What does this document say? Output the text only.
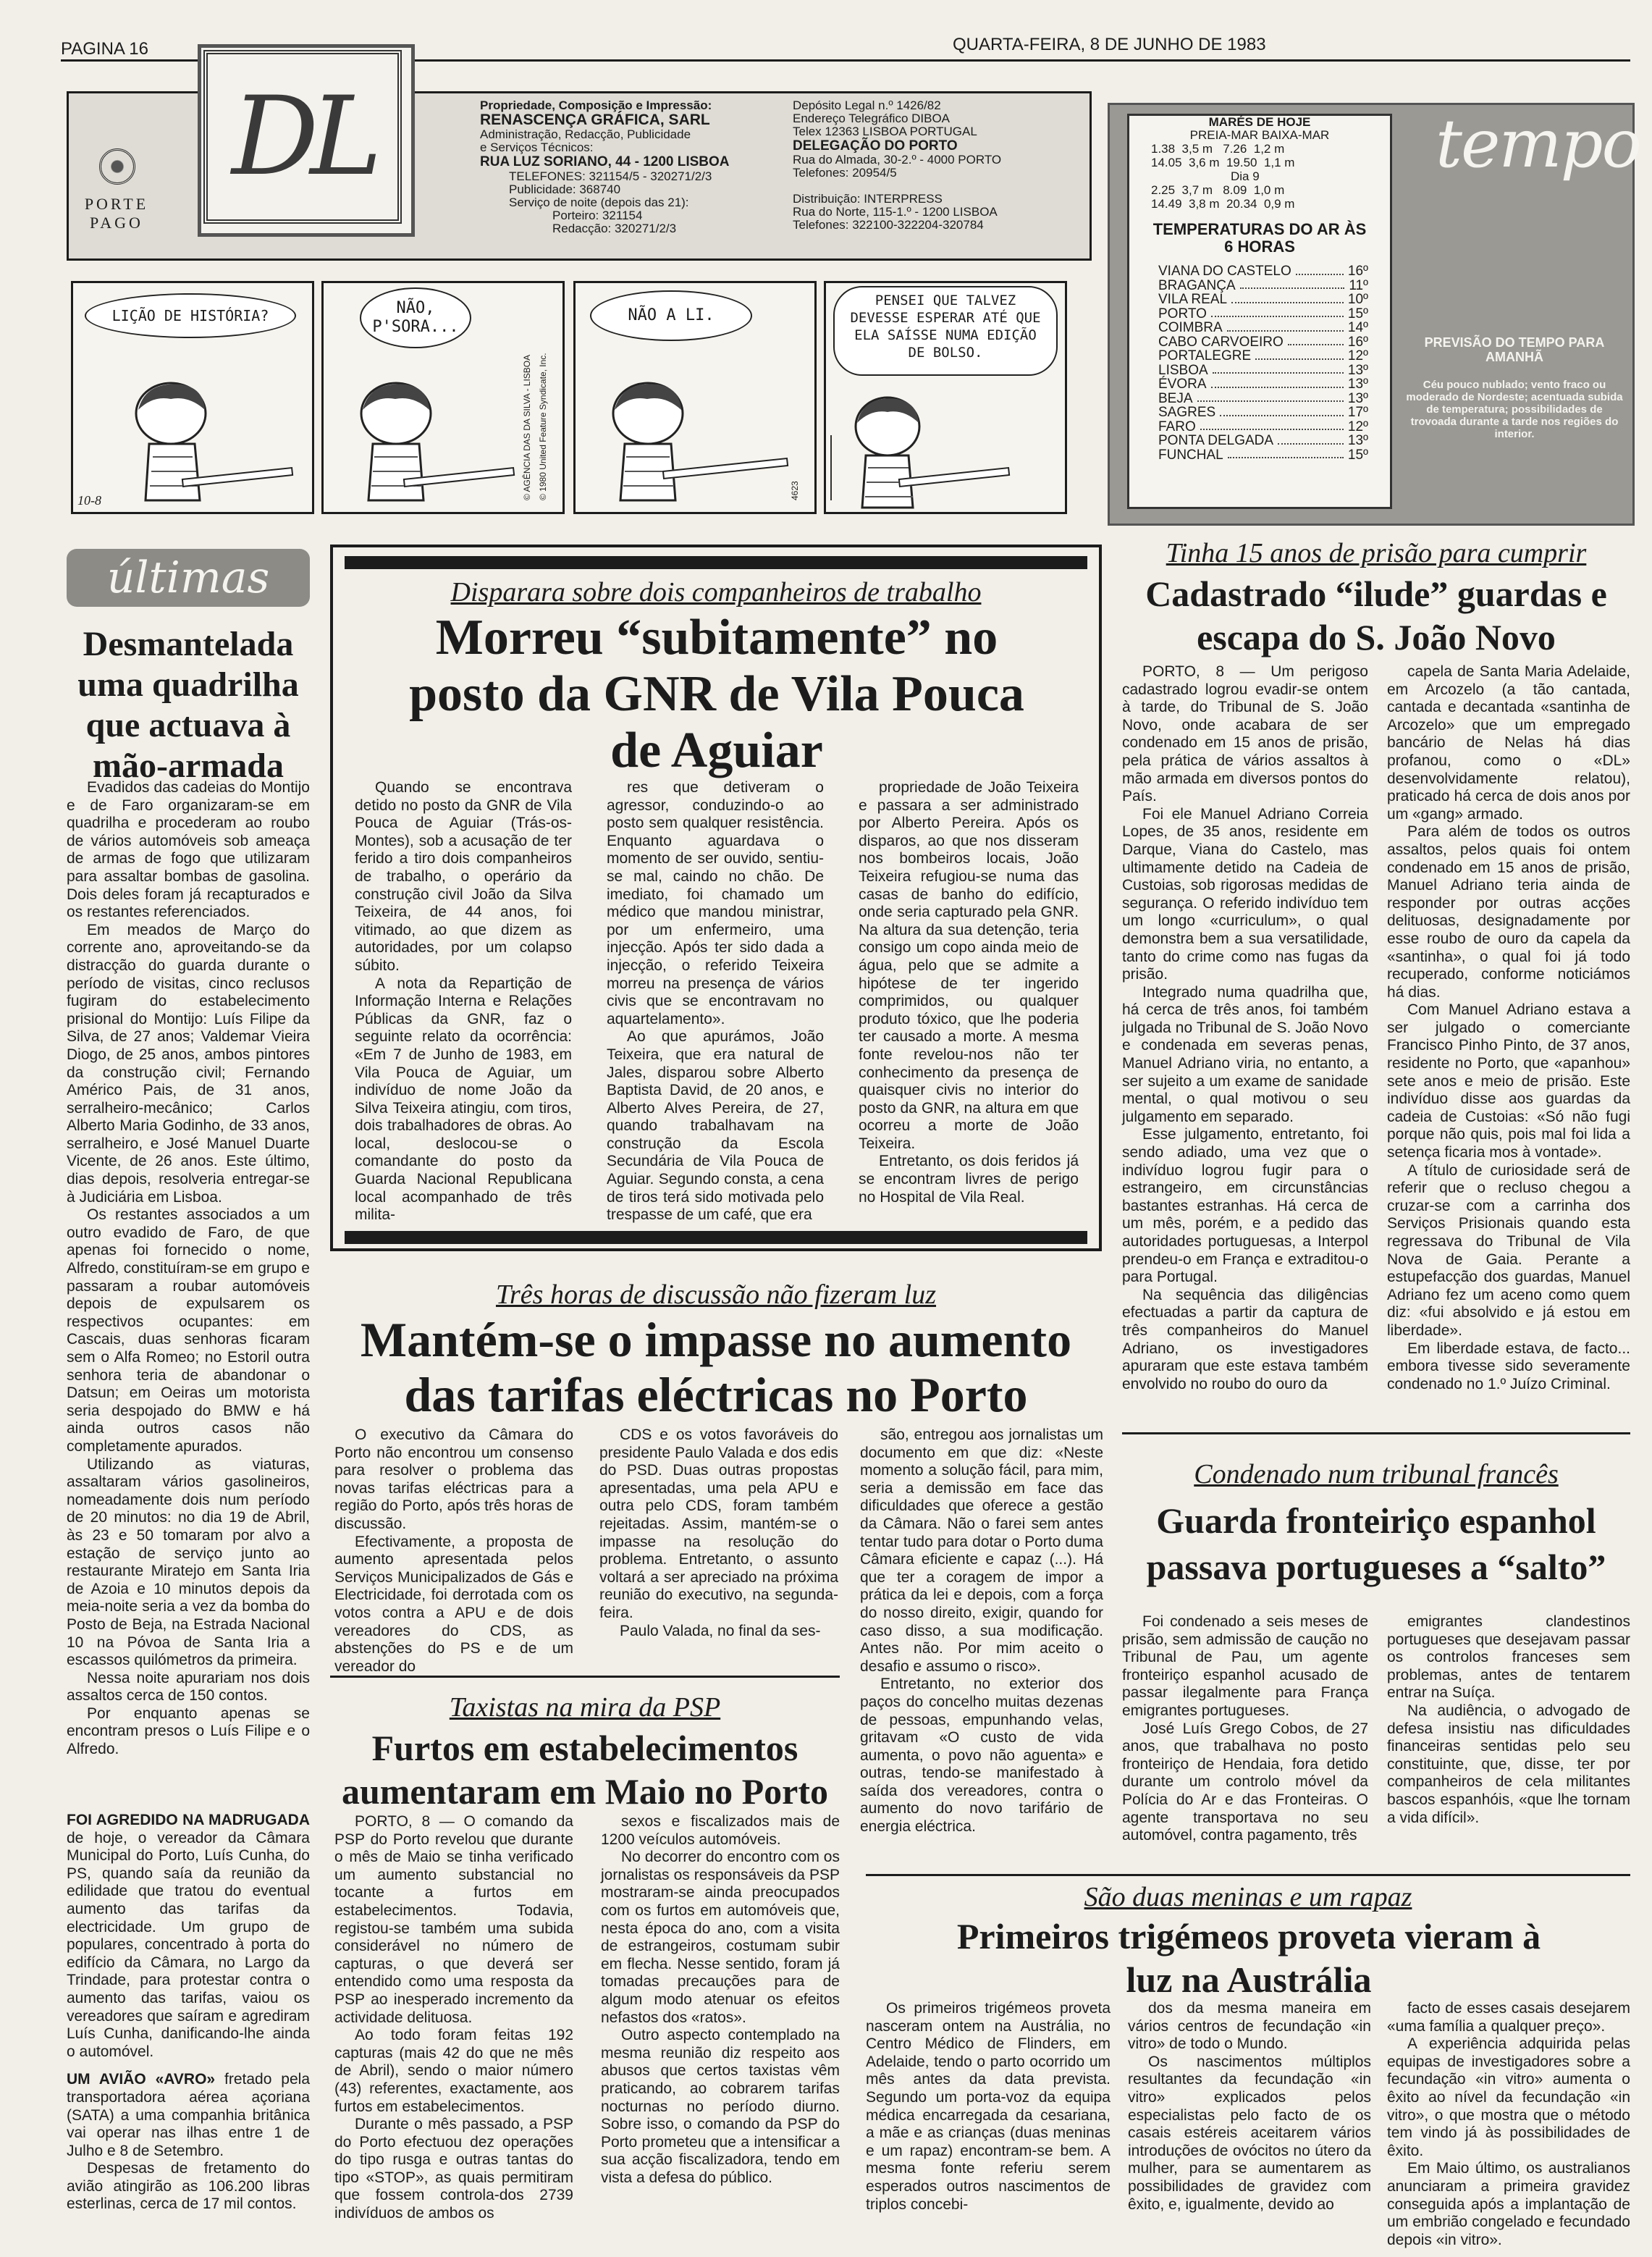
PAGINA 16	QUARTA-FEIRA, 8 DE JUNHO DE 1983
PORTE PAGO
DL	Propriedade, Composição e Impressão:
RENASCENÇA GRÁFICA, SARL
Administração, Redacção, Publicidade
e Serviços Técnicos:
RUA LUZ SORIANO, 44 - 1200 LISBOA
TELEFONES: 321154/5 - 320271/2/3
Publicidade: 368740
Serviço de noite (depois das 21):
Porteiro: 321154
Redacção: 320271/2/3
Depósito Legal n.º 1426/82
Endereço Telegráfico DIBOA
Telex 12363 LISBOA PORTUGAL
DELEGAÇÃO DO PORTO
Rua do Almada, 30-2.º - 4000 PORTO
Telefones: 20954/5
Distribuição: INTERPRESS
Rua do Norte, 115-1.º - 1200 LISBOA
Telefones: 322100-322204-320784
LIÇÃO DE HISTÓRIA?
10-8
NÃO, P'SORA...
© AGÊNCIA DAS DA SILVA - LISBOA © 1980 United Feature Syndicate, Inc.
NÃO A LI.
4623
PENSEI QUE TALVEZ DEVESSE ESPERAR ATÉ QUE ELA SAÍSSE NUMA EDIÇÃO DE BOLSO.
MARÉS DE HOJE
PREIA-MAR BAIXA-MAR
1.38  3,5 m   7.26  1,2 m
14.05  3,6 m  19.50  1,1 m
Dia 9
2.25  3,7 m   8.09  1,0 m
14.49  3,8 m  20.34  0,9 m
TEMPERATURAS DO AR ÀS 6 HORAS
VIANA DO CASTELO	16º
BRAGANÇA	11º
VILA REAL	10º
PORTO	15º
COIMBRA	14º
CABO CARVOEIRO	16º
PORTALEGRE	12º
LISBOA	13º
ÉVORA	13º
BEJA	13º
SAGRES	17º
FARO	12º
PONTA DELGADA	13º
FUNCHAL	15º
tempo
PREVISÃO DO TEMPO PARA AMANHÃ
Céu pouco nublado; vento fraco ou moderado de Nordeste; acentuada subida de temperatura; possibilidades de trovoada durante a tarde nos regiões do interior.
últimas
Desmantelada uma quadrilha que actuava à mão-armada

Evadidos das cadeias do Montijo e de Faro organizaram-se em quadrilha e procederam ao roubo de vários automóveis sob ameaça de armas de fogo que utilizaram para assaltar bombas de gasolina. Dois deles foram já recapturados e os restantes referenciados.

Em meados de Março do corrente ano, aproveitando-se da distracção do guarda durante o período de visitas, cinco reclusos fugiram do estabelecimento prisional do Montijo: Luís Filipe da Silva, de 27 anos; Valdemar Vieira Diogo, de 25 anos, ambos pintores da construção civil; Fernando Américo Pais, de 31 anos, serralheiro-mecânico; Carlos Alberto Maria Godinho, de 33 anos, serralheiro, e José Manuel Duarte Vicente, de 26 anos. Este último, dias depois, resolveria entregar-se à Judiciária em Lisboa.

Os restantes associados a um outro evadido de Faro, de que apenas foi fornecido o nome, Alfredo, constituíram-se em grupo e passaram a roubar automóveis depois de expulsarem os respectivos ocupantes: em Cascais, duas senhoras ficaram sem o Alfa Romeo; no Estoril outra senhora teria de abandonar o Datsun; em Oeiras um motorista seria despojado do BMW e há ainda outros casos não completamente apurados.

Utilizando as viaturas, assaltaram vários gasolineiros, nomeadamente dois num período de 20 minutos: no dia 19 de Abril, às 23 e 50 tomaram por alvo a estação de serviço junto ao restaurante Miratejo em Santa Iria de Azoia e 10 minutos depois da meia-noite seria a vez da bomba do Posto de Beja, na Estrada Nacional 10 na Póvoa de Santa Iria a escassos quilómetros da primeira.

Nessa noite apurariam nos dois assaltos cerca de 150 contos.

Por enquanto apenas se encontram presos o Luís Filipe e o Alfredo.

FOI AGREDIDO NA MADRUGADA de hoje, o vereador da Câmara Municipal do Porto, Luís Cunha, do PS, quando saía da reunião da edilidade que tratou do eventual aumento das tarifas da electricidade. Um grupo de populares, concentrado à porta do edifício da Câmara, no Largo da Trindade, para protestar contra o aumento das tarifas, vaiou os vereadores que saíram e agrediram Luís Cunha, danificando-lhe ainda o automóvel.

UM AVIÃO «AVRO» fretado pela transportadora aérea açoriana (SATA) a uma companhia britânica vai operar nas ilhas entre 1 de Julho e 8 de Setembro.

Despesas de fretamento do avião atingirão as 106.200 libras esterlinas, cerca de 17 mil contos.

Disparara sobre dois companheiros de trabalho
Morreu “subitamente” no posto da GNR de Vila Pouca de Aguiar

Quando se encontrava detido no posto da GNR de Vila Pouca de Aguiar (Trás-os-Montes), sob a acusação de ter ferido a tiro dois companheiros de trabalho, o operário da construção civil João da Silva Teixeira, de 44 anos, foi vitimado, ao que dizem as autoridades, por um colapso súbito.

A nota da Repartição de Informação Interna e Relações Públicas da GNR, faz o seguinte relato da ocorrência: «Em 7 de Junho de 1983, em Vila Pouca de Aguiar, um indivíduo de nome João da Silva Teixeira atingiu, com tiros, dois trabalhadores de obras. Ao local, deslocou-se o comandante do posto da Guarda Nacional Republicana local acompanhado de três milita-

res que detiveram o agressor, conduzindo-o ao posto sem qualquer resistência. Enquanto aguardava o momento de ser ouvido, sentiu-se mal, caindo no chão. De imediato, foi chamado um médico que mandou ministrar, por um enfermeiro, uma injecção. Após ter sido dada a injecção, o referido Teixeira morreu na presença de vários civis que se encontravam no aquartelamento».

Ao que apurámos, João Teixeira, que era natural de Jales, disparou sobre Alberto Baptista David, de 20 anos, e Alberto Alves Pereira, de 27, quando trabalhavam na construção da Escola Secundária de Vila Pouca de Aguiar. Segundo consta, a cena de tiros terá sido motivada pelo trespasse de um café, que era

propriedade de João Teixeira e passara a ser administrado por Alberto Pereira. Após os disparos, ao que nos disseram nos bombeiros locais, João Teixeira refugiou-se numa das casas de banho do edifício, onde seria capturado pela GNR. Na altura da sua detenção, teria consigo um copo ainda meio de água, pelo que se admite a hipótese de ter ingerido comprimidos, ou qualquer produto tóxico, que lhe poderia ter causado a morte. A mesma fonte revelou-nos não ter conhecimento da presença de quaisquer civis no interior do posto da GNR, na altura em que ocorreu a morte de João Teixeira.

Entretanto, os dois feridos já se encontram livres de perigo no Hospital de Vila Real.

Tinha 15 anos de prisão para cumprir
Cadastrado “ilude” guardas e escapa do S. João Novo

PORTO, 8 — Um perigoso cadastrado logrou evadir-se ontem à tarde, do Tribunal de S. João Novo, onde acabara de ser condenado em 15 anos de prisão, pela prática de vários assaltos à mão armada em diversos pontos do País.

Foi ele Manuel Adriano Correia Lopes, de 35 anos, residente em Darque, Viana do Castelo, mas ultimamente detido na Cadeia de Custoias, sob rigorosas medidas de segurança. O referido indivíduo tem um longo «curriculum», o qual demonstra bem a sua versatilidade, tanto do crime como nas fugas da prisão.

Integrado numa quadrilha que, há cerca de três anos, foi também julgada no Tribunal de S. João Novo e condenada em severas penas, Manuel Adriano viria, no entanto, a ser sujeito a um exame de sanidade mental, o qual motivou o seu julgamento em separado.

Esse julgamento, entretanto, foi sendo adiado, uma vez que o indivíduo logrou fugir para o estrangeiro, em circunstâncias bastantes estranhas. Há cerca de um mês, porém, e a pedido das autoridades portuguesas, a Interpol prendeu-o em França e extraditou-o para Portugal.

Na sequência das diligências efectuadas a partir da captura de três companheiros do Manuel Adriano, os investigadores apuraram que este estava também envolvido no roubo do ouro da

capela de Santa Maria Adelaide, em Arcozelo (a tão cantada, cantada e decantada «santinha de Arcozelo» que um empregado bancário de Nelas há dias profanou, como o «DL» desenvolvidamente relatou), praticado há cerca de dois anos por um «gang» armado.

Para além de todos os outros assaltos, pelos quais foi ontem condenado em 15 anos de prisão, Manuel Adriano teria ainda de responder por outras acções delituosas, designadamente por esse roubo de ouro da capela da «santinha», o qual foi já todo recuperado, conforme noticiámos há dias.

Com Manuel Adriano estava a ser julgado o comerciante Francisco Pinho Pinto, de 37 anos, residente no Porto, que «apanhou» sete anos e meio de prisão. Este indivíduo disse aos guardas da cadeia de Custoias: «Só não fugi porque não quis, pois mal foi lida a setença ficaria mos à vontade».

A título de curiosidade será de referir que o recluso chegou a cruzar-se com a carrinha dos Serviços Prisionais quando esta regressava do Tribunal de Vila Nova de Gaia. Perante a estupefacção dos guardas, Manuel Adriano fez um aceno como quem diz: «fui absolvido e já estou em liberdade».

Em liberdade estava, de facto... embora tivesse sido severamente condenado no 1.º Juízo Criminal.

Três horas de discussão não fizeram luz
Mantém-se o impasse no aumento das tarifas eléctricas no Porto

O executivo da Câmara do Porto não encontrou um consenso para resolver o problema das novas tarifas eléctricas para a região do Porto, após três horas de discussão.

Efectivamente, a proposta de aumento apresentada pelos Serviços Municipalizados de Gás e Electricidade, foi derrotada com os votos contra a APU e de dois vereadores do CDS, as abstenções do PS e de um vereador do

CDS e os votos favoráveis do presidente Paulo Valada e dos edis do PSD. Duas outras propostas apresentadas, uma pela APU e outra pelo CDS, foram também rejeitadas. Assim, mantém-se o impasse na resolução do problema. Entretanto, o assunto voltará a ser apreciado na próxima reunião do executivo, na segunda-feira.

Paulo Valada, no final da ses-

são, entregou aos jornalistas um documento em que diz: «Neste momento a solução fácil, para mim, seria a demissão em face das dificuldades que oferece a gestão da Câmara. Não o farei sem antes tentar tudo para dotar o Porto duma Câmara eficiente e capaz (...). Há que ter a coragem de impor a prática da lei e depois, com a força do nosso direito, exigir, quando for caso disso, a sua modificação. Antes não. Por mim aceito o desafio e assumo o risco».

Entretanto, no exterior dos paços do concelho muitas dezenas de pessoas, empunhando velas, gritavam «O custo de vida aumenta, o povo não aguenta» e outras, tendo-se manifestado à saída dos vereadores, contra o aumento do novo tarifário de energia eléctrica.

Taxistas na mira da PSP
Furtos em estabelecimentos aumentaram em Maio no Porto

PORTO, 8 — O comando da PSP do Porto revelou que durante o mês de Maio se tinha verificado um aumento substancial no tocante a furtos em estabelecimentos. Todavia, registou-se também uma subida considerável no número de capturas, o que deverá ser entendido como uma resposta da PSP ao inesperado incremento da actividade delituosa.

Ao todo foram feitas 192 capturas (mais 42 do que ne mês de Abril), sendo o maior número (43) referentes, exactamente, aos furtos em estabelecimentos.

Durante o mês passado, a PSP do Porto efectuou dez operações do tipo rusga e outras tantas do tipo «STOP», as quais permitiram que fossem controla-dos 2739 indivíduos de ambos os

sexos e fiscalizados mais de 1200 veículos automóveis.

No decorrer do encontro com os jornalistas os responsáveis da PSP mostraram-se ainda preocupados com os furtos em automóveis que, nesta época do ano, com a visita de estrangeiros, costumam subir em flecha. Nesse sentido, foram já tomadas precauções para de algum modo atenuar os efeitos nefastos dos «ratos».

Outro aspecto contemplado na mesma reunião diz respeito aos abusos que certos taxistas vêm praticando, ao cobrarem tarifas nocturnas no período diurno. Sobre isso, o comando da PSP do Porto prometeu que a intensificar a sua acção fiscalizadora, tendo em vista a defesa do público.

Condenado num tribunal francês
Guarda fronteiriço espanhol passava portugueses a “salto”

Foi condenado a seis meses de prisão, sem admissão de caução no Tribunal de Pau, um agente fronteiriço espanhol acusado de passar ilegalmente para França emigrantes portugueses.

José Luís Grego Cobos, de 27 anos, que trabalhava no posto fronteiriço de Hendaia, fora detido durante um controlo móvel da Polícia do Ar e das Fronteiras. O agente transportava no seu automóvel, contra pagamento, três

emigrantes clandestinos portugueses que desejavam passar os controlos franceses sem problemas, antes de tentarem entrar na Suíça.

Na audiência, o advogado de defesa insistiu nas dificuldades financeiras sentidas pelo seu constituinte, que, disse, ter por companheiros de cela militantes bascos espanhóis, «que lhe tornam a vida difícil».

São duas meninas e um rapaz
Primeiros trigémeos proveta vieram à luz na Austrália

Os primeiros trigémeos proveta nasceram ontem na Austrália, no Centro Médico de Flinders, em Adelaide, tendo o parto ocorrido um mês antes da data prevista. Segundo um porta-voz da equipa médica encarregada da cesariana, a mãe e as crianças (duas meninas e um rapaz) encontram-se bem. A mesma fonte referiu serem esperados outros nascimentos de triplos concebi-

dos da mesma maneira em vários centros de fecundação «in vitro» de todo o Mundo.

Os nascimentos múltiplos resultantes da fecundação «in vitro» explicados pelos especialistas pelo facto de os casais estéreis aceitarem vários introduções de ovócitos no útero da mulher, para se aumentarem as possibilidades de gravidez com êxito, e, igualmente, devido ao

facto de esses casais desejarem «uma família a qualquer preço».

A experiência adquirida pelas equipas de investigadores sobre a fecundação «in vitro» aumenta o êxito ao nível da fecundação «in vitro», o que mostra que o método tem vindo já às possibilidades de êxito.

Em Maio último, os australianos anunciaram a primeira gravidez conseguida após a implantação de um embrião congelado e fecundado depois «in vitro».
